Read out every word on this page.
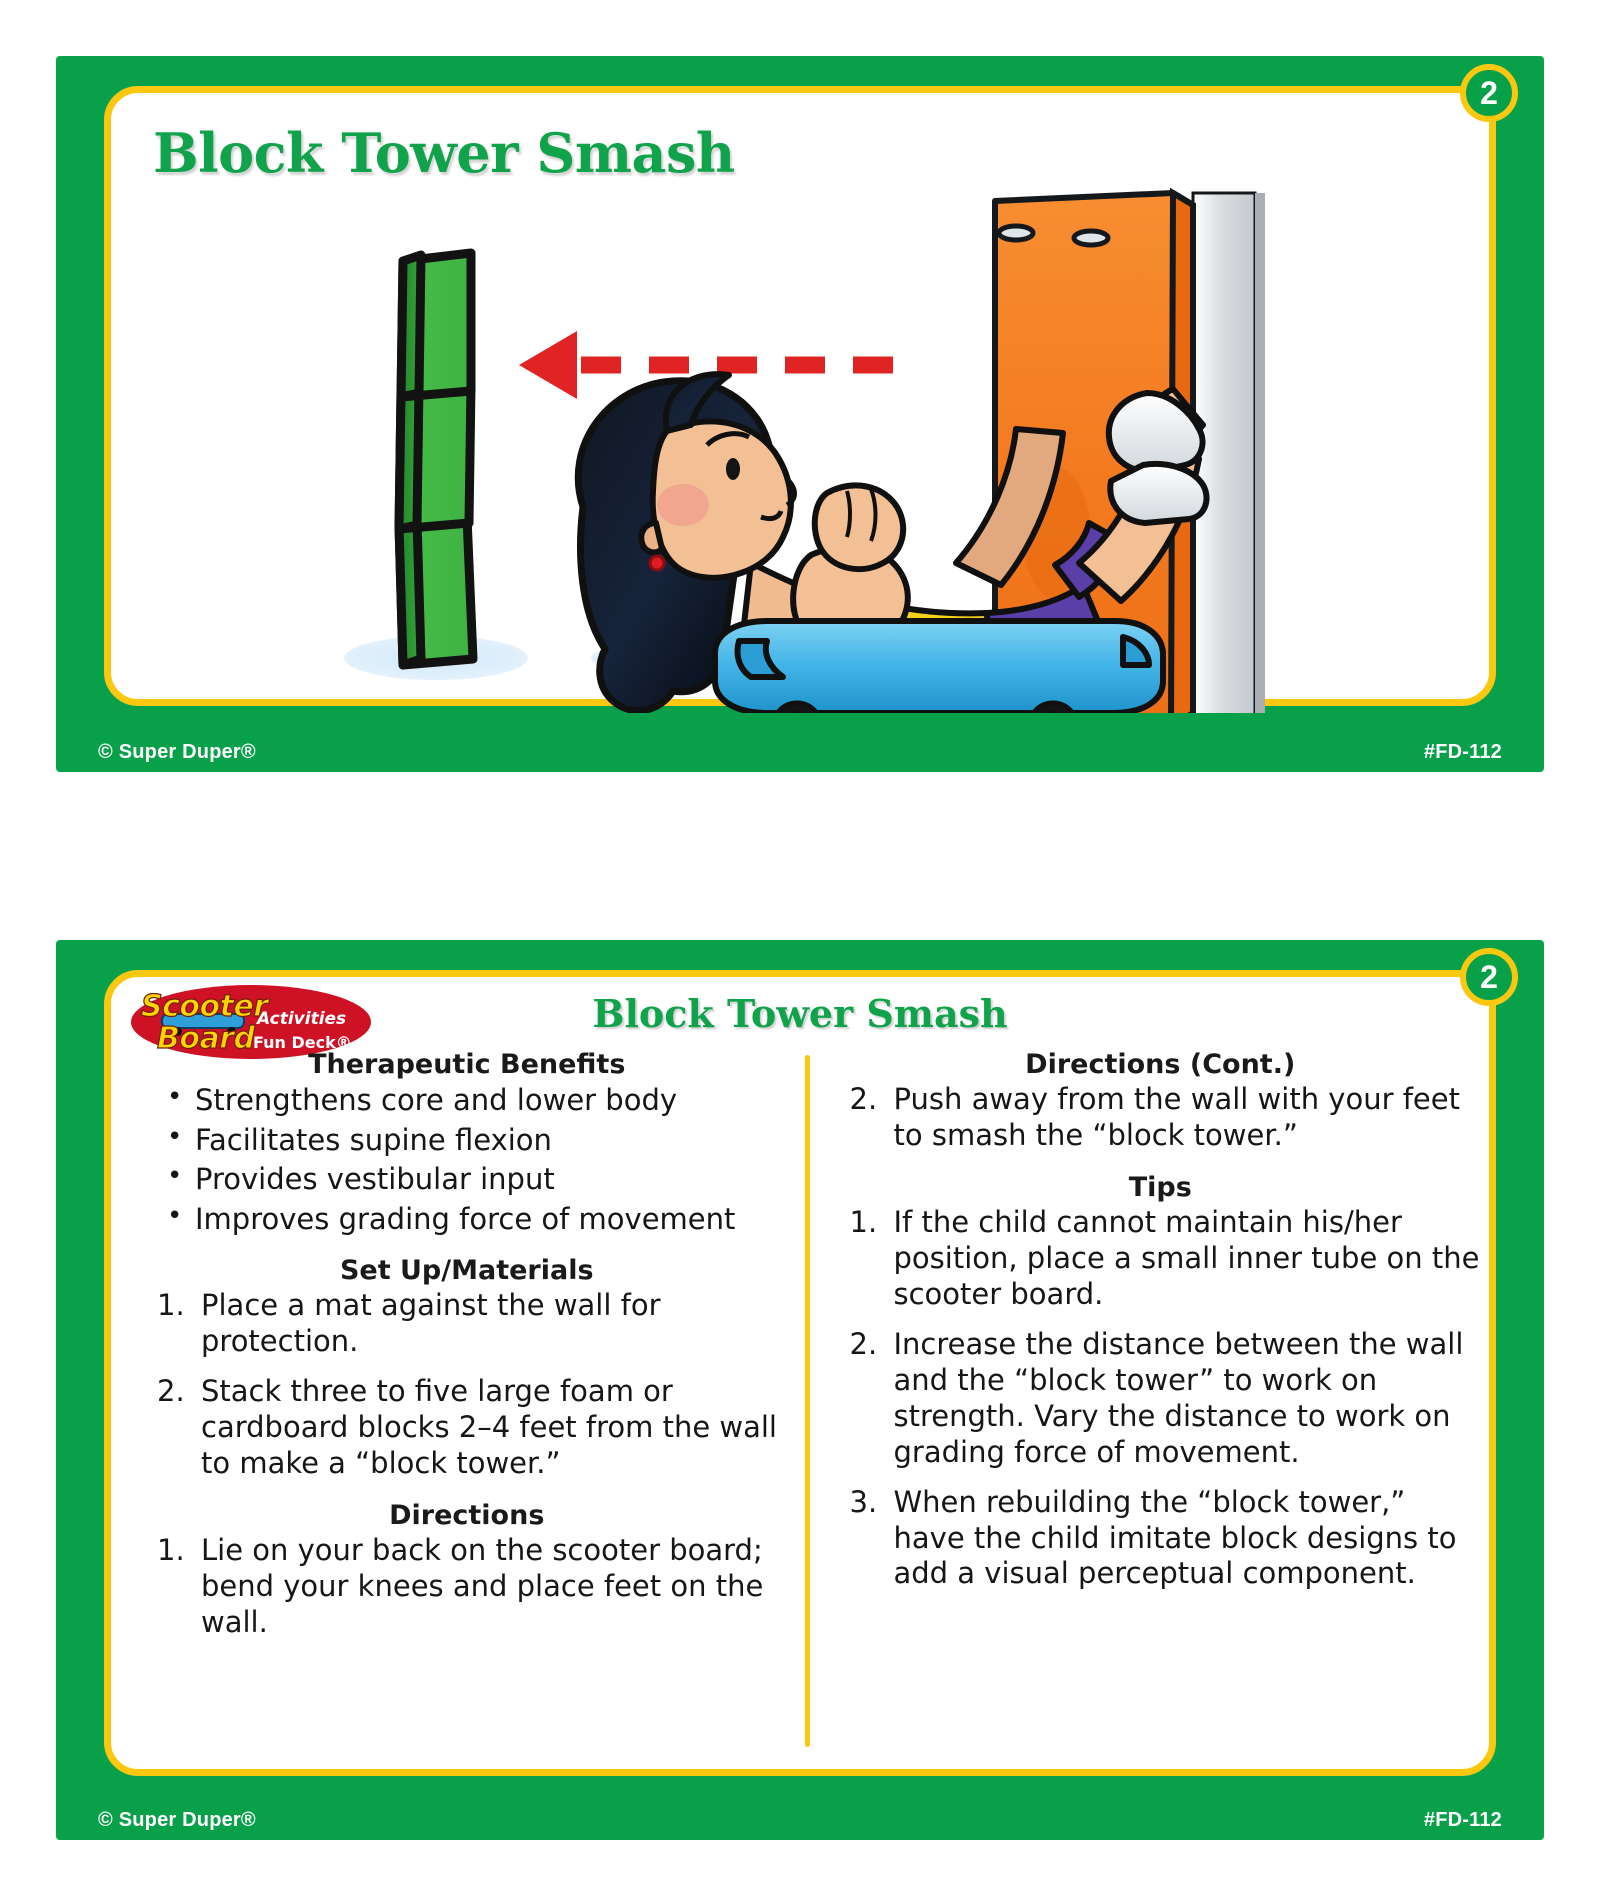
2
Block Tower Smash
© Super Duper®	#FD-112
2
Scooter
Board
Activities
Fun Deck®
Block Tower Smash
Therapeutic Benefits
• Strengthens core and lower body
• Facilitates supine flexion
• Provides vestibular input
• Improves grading force of movement
Set Up/Materials
Place a mat against the wall for protection.
Stack three to five large foam or cardboard blocks 2–4 feet from the wall to make a “block tower.”
Directions
Lie on your back on the scooter board; bend your knees and place feet on the wall.
Directions (Cont.)
Push away from the wall with your feet to smash the “block tower.”
Tips
If the child cannot maintain his/her position, place a small inner tube on the scooter board.
Increase the distance between the wall and the “block tower” to work on strength. Vary the distance to work on grading force of movement.
When rebuilding the “block tower,” have the child imitate block designs to add a visual perceptual component.
© Super Duper®	#FD-112
